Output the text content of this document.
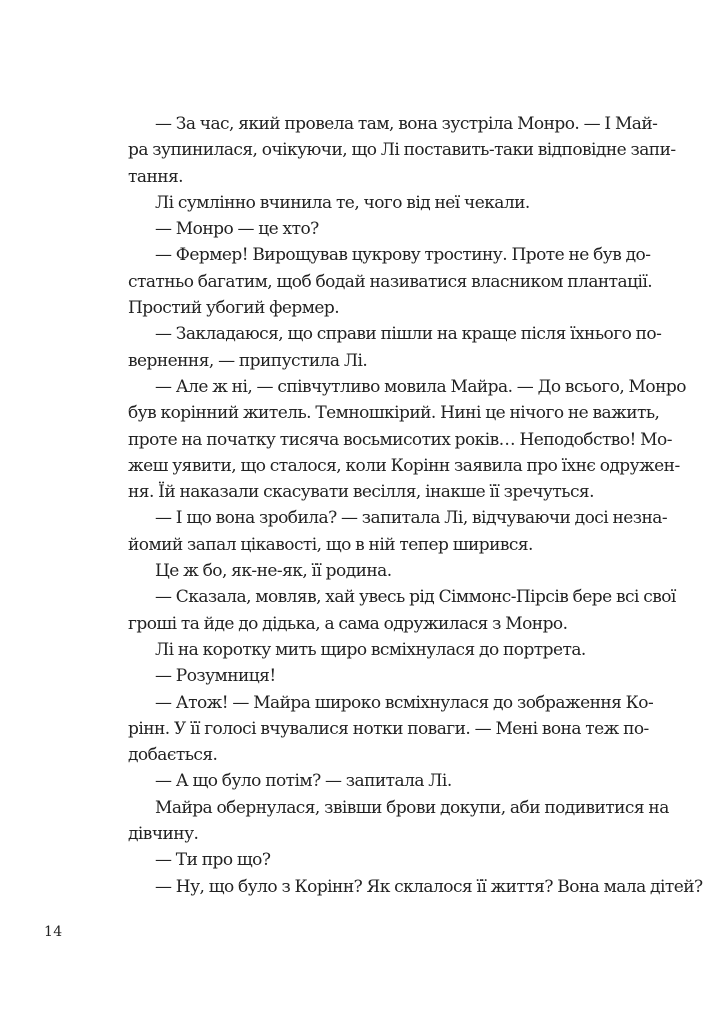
— За час, який провела там, вона зустріла Монро. — І Май-
ра зупинилася, очікуючи, що Лі поставить-таки відповідне запи-
тання.
Лі сумлінно вчинила те, чого від неї чекали.
— Монро — це хто?
— Фермер! Вирощував цукрову тростину. Проте не був до-
статньо багатим, щоб бодай називатися власником плантації.
Простий убогий фермер.
— Закладаюся, що справи пішли на краще після їхнього по-
вернення, — припустила Лі.
— Але ж ні, — співчутливо мовила Майра. — До всього, Монро
був корінний житель. Темношкірий. Нині це нічого не важить,
проте на початку тисяча восьмисотих років… Неподобство! Мо-
жеш уявити, що сталося, коли Корінн заявила про їхнє одружен-
ня. Їй наказали скасувати весілля, інакше її зречуться.
— І що вона зробила? — запитала Лі, відчуваючи досі незна-
йомий запал цікавості, що в ній тепер ширився.
Це ж бо, як-не-як, її родина.
— Сказала, мовляв, хай увесь рід Сіммонс-Пірсів бере всі свої
гроші та йде до дідька, а сама одружилася з Монро.
Лі на коротку мить щиро всміхнулася до портрета.
— Розумниця!
— Атож! — Майра широко всміхнулася до зображення Ко-
рінн. У її голосі вчувалися нотки поваги. — Мені вона теж по-
добається.
— А що було потім? — запитала Лі.
Майра обернулася, звівши брови докупи, аби подивитися на
дівчину.
— Ти про що?
— Ну, що було з Корінн? Як склалося її життя? Вона мала дітей?
14
